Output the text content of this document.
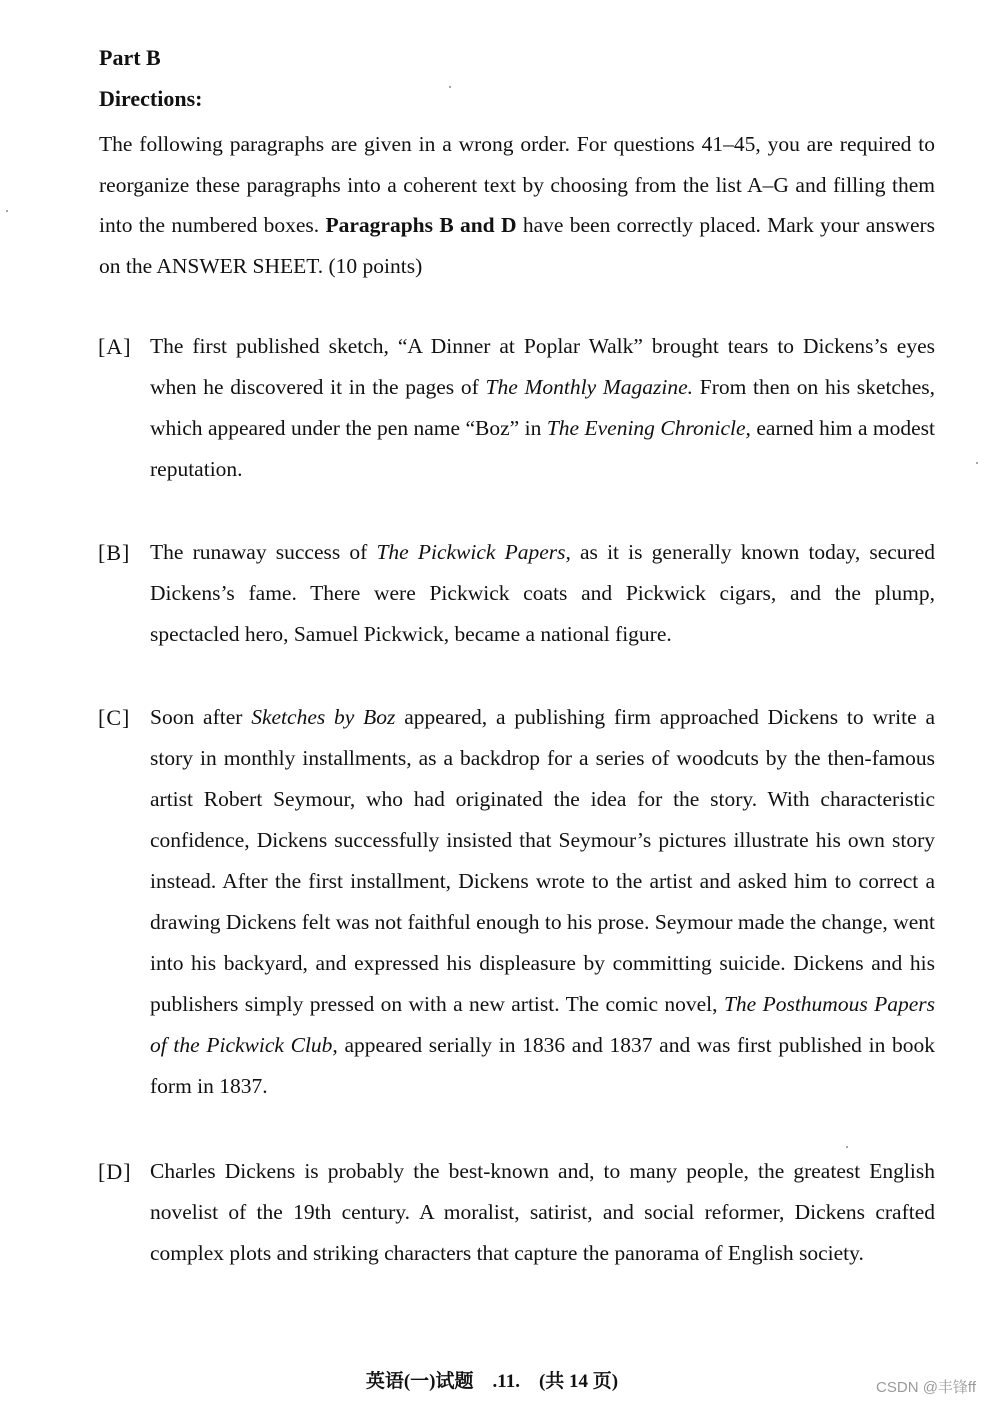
Part B
Directions:
The following paragraphs are given in a wrong order. For questions 41–45, you are required to reorganize these paragraphs into a coherent text by choosing from the list A–G and filling them into the numbered boxes. Paragraphs B and D have been correctly placed. Mark your answers on the ANSWER SHEET. (10 points)
[A] The first published sketch, “A Dinner at Poplar Walk” brought tears to Dickens’s eyes when he discovered it in the pages of The Monthly Magazine. From then on his sketches, which appeared under the pen name “Boz” in The Evening Chronicle, earned him a modest reputation.
[B] The runaway success of The Pickwick Papers, as it is generally known today, secured Dickens’s fame. There were Pickwick coats and Pickwick cigars, and the plump, spectacled hero, Samuel Pickwick, became a national figure.
[C] Soon after Sketches by Boz appeared, a publishing firm approached Dickens to write a story in monthly installments, as a backdrop for a series of woodcuts by the then-famous artist Robert Seymour, who had originated the idea for the story. With characteristic confidence, Dickens successfully insisted that Seymour’s pictures illustrate his own story instead. After the first installment, Dickens wrote to the artist and asked him to correct a drawing Dickens felt was not faithful enough to his prose. Seymour made the change, went into his backyard, and expressed his displeasure by committing suicide. Dickens and his publishers simply pressed on with a new artist. The comic novel, The Posthumous Papers of the Pickwick Club, appeared serially in 1836 and 1837 and was first published in book form in 1837.
[D] Charles Dickens is probably the best-known and, to many people, the greatest English novelist of the 19th century. A moralist, satirist, and social reformer, Dickens crafted complex plots and striking characters that capture the panorama of English society.
英语(一)试题　.11.　(共 14 页)	CSDN @丰锋ff
